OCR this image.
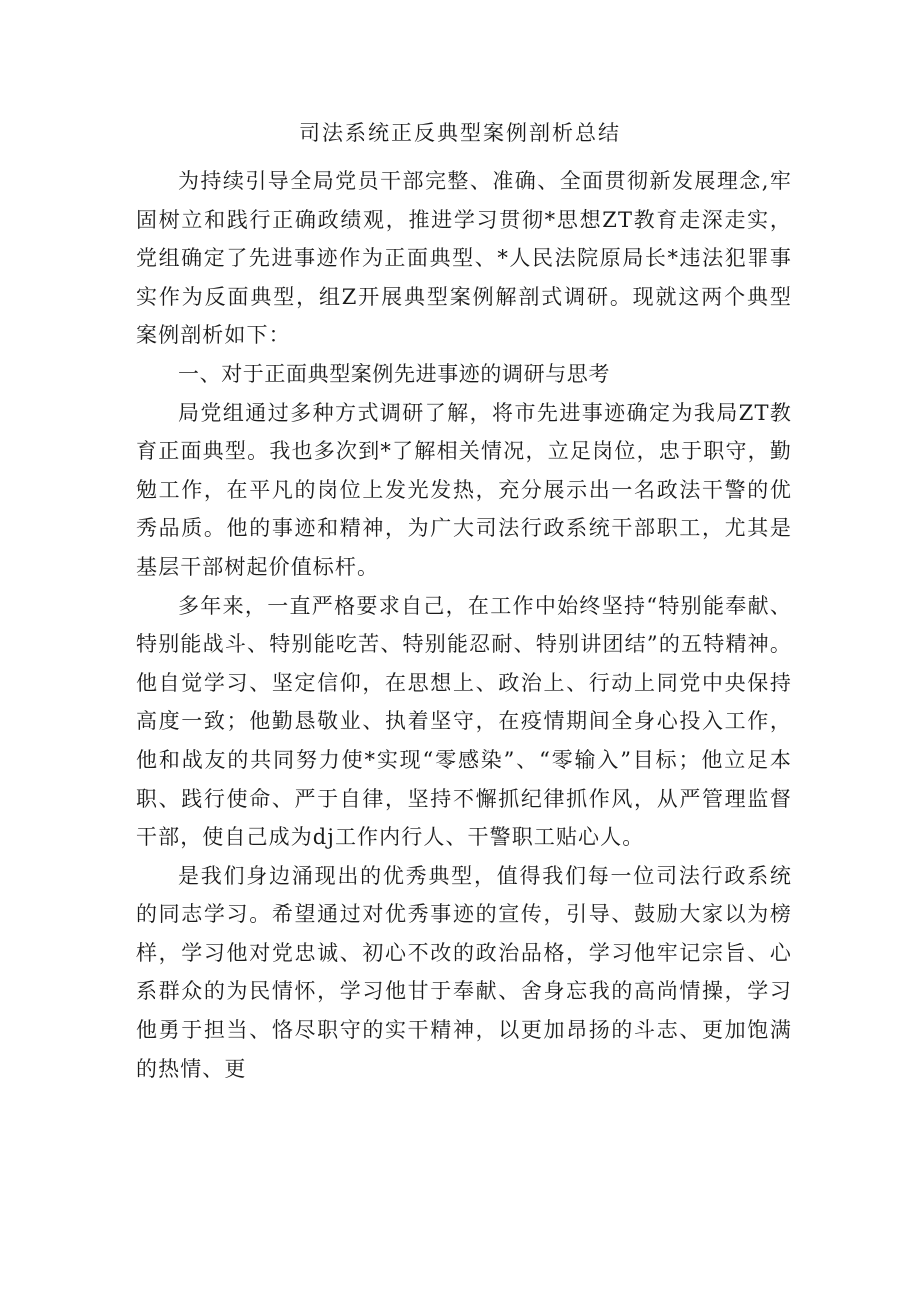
司法系统正反典型案例剖析总结

为持续引导全局党员干部完整、准确、全面贯彻新发展理念,牢固树立和践行正确政绩观，推进学习贯彻*思想ZT教育走深走实，党组确定了先进事迹作为正面典型、*人民法院原局长*违法犯罪事实作为反面典型，组Z开展典型案例解剖式调研。现就这两个典型案例剖析如下：

一、对于正面典型案例先进事迹的调研与思考

局党组通过多种方式调研了解，将市先进事迹确定为我局ZT教育正面典型。我也多次到*了解相关情况，立足岗位，忠于职守，勤勉工作，在平凡的岗位上发光发热，充分展示出一名政法干警的优秀品质。他的事迹和精神，为广大司法行政系统干部职工，尤其是基层干部树起价值标杆。

多年来，一直严格要求自己，在工作中始终坚持“特别能奉献、特别能战斗、特别能吃苦、特别能忍耐、特别讲团结”的五特精神。他自觉学习、坚定信仰，在思想上、政治上、行动上同党中央保持高度一致；他勤恳敬业、执着坚守，在疫情期间全身心投入工作，他和战友的共同努力使*实现“零感染”、“零输入”目标；他立足本职、践行使命、严于自律，坚持不懈抓纪律抓作风，从严管理监督干部，使自己成为dj工作内行人、干警职工贴心人。

是我们身边涌现出的优秀典型，值得我们每一位司法行政系统的同志学习。希望通过对优秀事迹的宣传，引导、鼓励大家以为榜样，学习他对党忠诚、初心不改的政治品格，学习他牢记宗旨、心系群众的为民情怀，学习他甘于奉献、舍身忘我的高尚情操，学习他勇于担当、恪尽职守的实干精神，以更加昂扬的斗志、更加饱满的热情、更
